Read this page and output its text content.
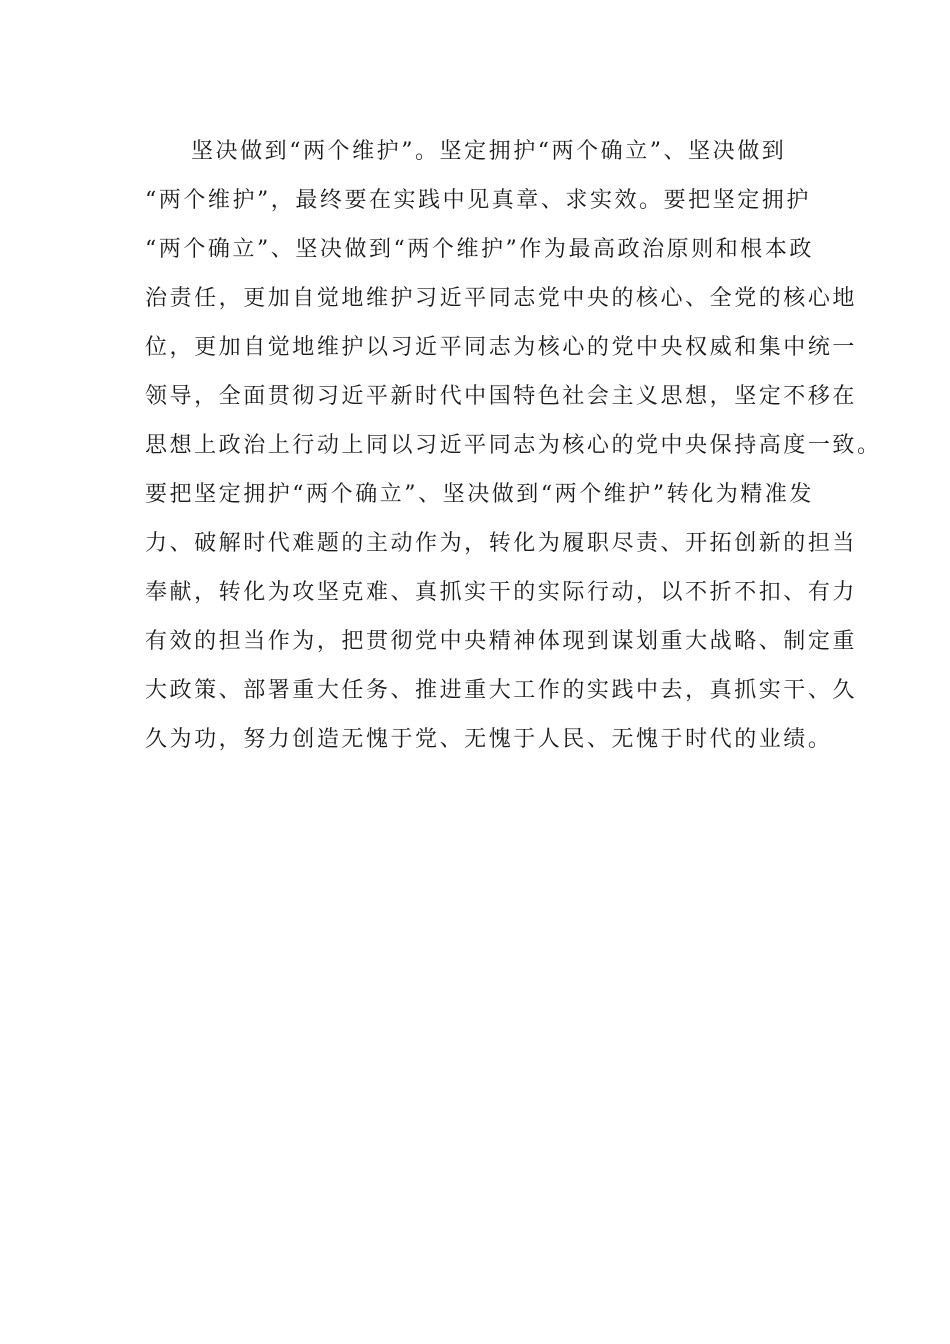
坚决做到“两个维护”。坚定拥护“两个确立”、坚决做到
“两个维护”，最终要在实践中见真章、求实效。要把坚定拥护
“两个确立”、坚决做到“两个维护”作为最高政治原则和根本政
治责任，更加自觉地维护习近平同志党中央的核心、全党的核心地
位，更加自觉地维护以习近平同志为核心的党中央权威和集中统一
领导，全面贯彻习近平新时代中国特色社会主义思想，坚定不移在
思想上政治上行动上同以习近平同志为核心的党中央保持高度一致。
要把坚定拥护“两个确立”、坚决做到“两个维护”转化为精准发
力、破解时代难题的主动作为，转化为履职尽责、开拓创新的担当
奉献，转化为攻坚克难、真抓实干的实际行动，以不折不扣、有力
有效的担当作为，把贯彻党中央精神体现到谋划重大战略、制定重
大政策、部署重大任务、推进重大工作的实践中去，真抓实干、久
久为功，努力创造无愧于党、无愧于人民、无愧于时代的业绩。
